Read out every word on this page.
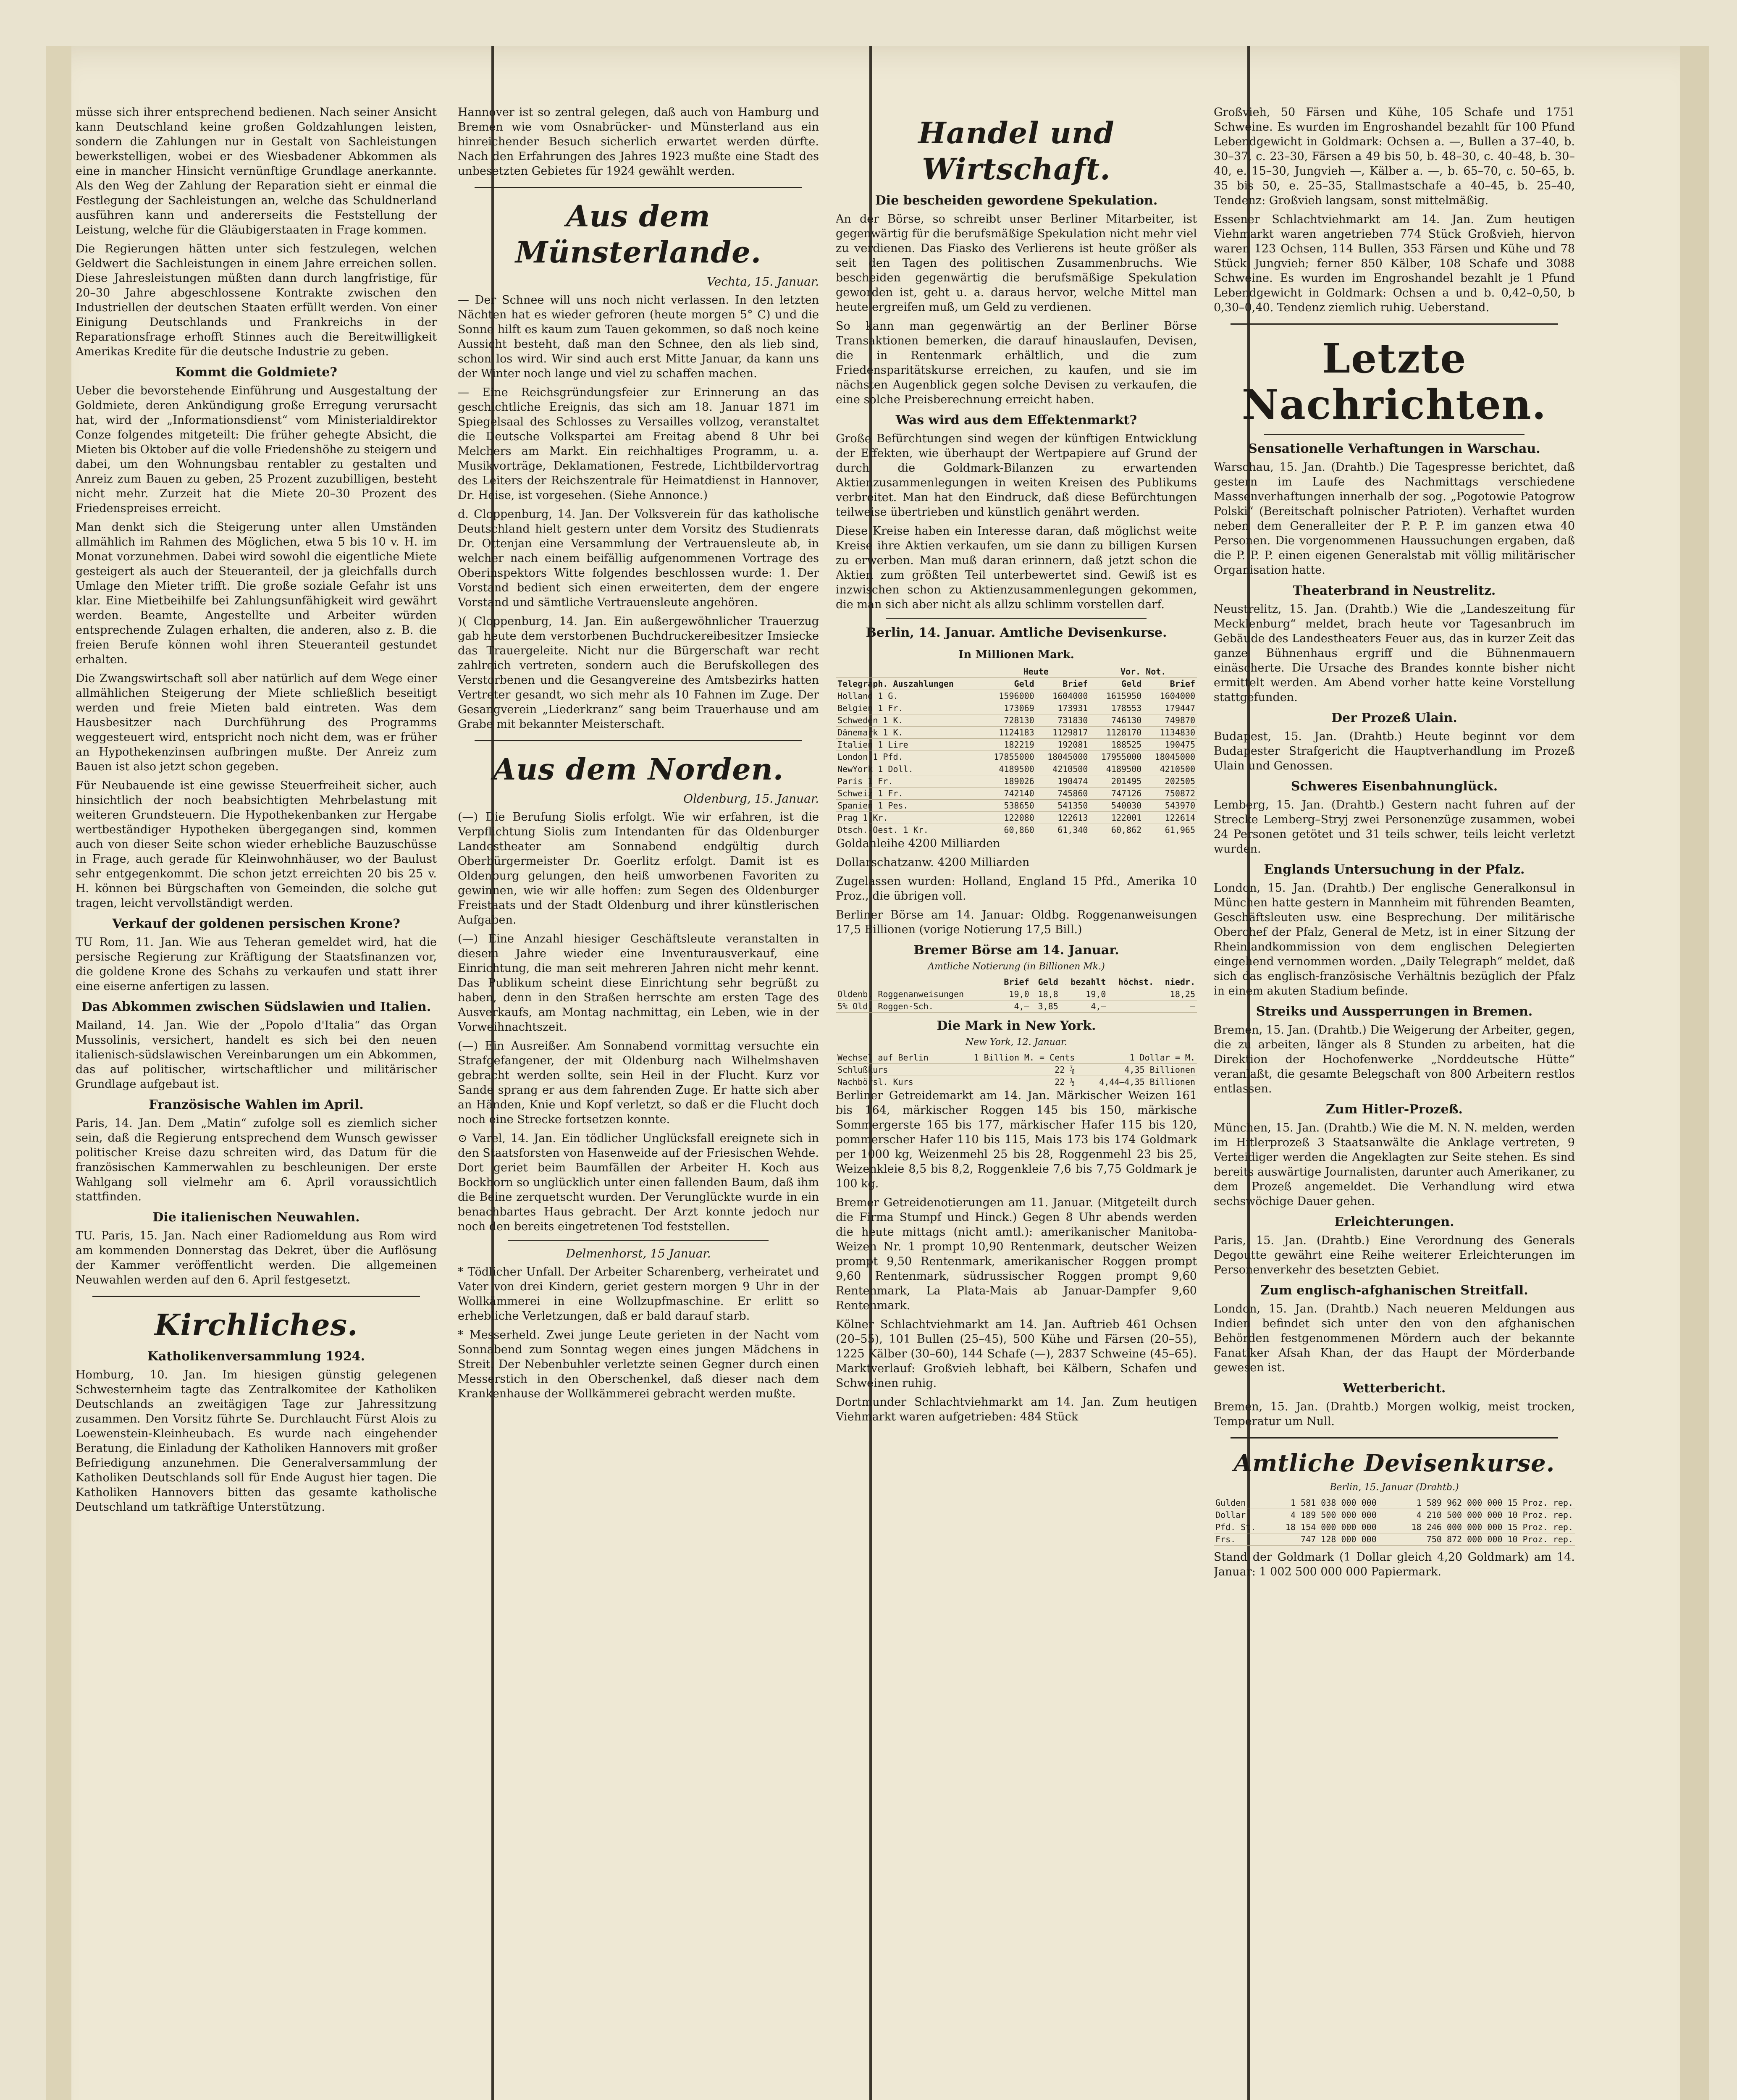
müsse sich ihrer entsprechend bedienen. Nach seiner Ansicht kann Deutschland keine großen Goldzahlungen leisten, sondern die Zahlungen nur in Gestalt von Sachleistungen bewerkstelligen, wobei er des Wiesbadener Abkommen als eine in mancher Hinsicht vernünftige Grundlage anerkannte. Als den Weg der Zahlung der Reparation sieht er einmal die Festlegung der Sachleistungen an, welche das Schuldnerland ausführen kann und andererseits die Feststellung der Leistung, welche für die Gläubigerstaaten in Frage kommen.

Die Regierungen hätten unter sich festzulegen, welchen Geldwert die Sachleistungen in einem Jahre erreichen sollen. Diese Jahresleistungen müßten dann durch langfristige, für 20–30 Jahre abgeschlossene Kontrakte zwischen den Industriellen der deutschen Staaten erfüllt werden. Von einer Einigung Deutschlands und Frankreichs in der Reparationsfrage erhofft Stinnes auch die Bereitwilligkeit Amerikas Kredite für die deutsche Industrie zu geben.

Kommt die Goldmiete?

Ueber die bevorstehende Einführung und Ausgestaltung der Goldmiete, deren Ankündigung große Erregung verursacht hat, wird der „Informationsdienst“ vom Ministerialdirektor Conze folgendes mitgeteilt: Die früher gehegte Absicht, die Mieten bis Oktober auf die volle Friedenshöhe zu steigern und dabei, um den Wohnungsbau rentabler zu gestalten und Anreiz zum Bauen zu geben, 25 Prozent zuzubilligen, besteht nicht mehr. Zurzeit hat die Miete 20–30 Prozent des Friedenspreises erreicht.

Man denkt sich die Steigerung unter allen Umständen allmählich im Rahmen des Möglichen, etwa 5 bis 10 v. H. im Monat vorzunehmen. Dabei wird sowohl die eigentliche Miete gesteigert als auch der Steueranteil, der ja gleichfalls durch Umlage den Mieter trifft. Die große soziale Gefahr ist uns klar. Eine Mietbeihilfe bei Zahlungsunfähigkeit wird gewährt werden. Beamte, Angestellte und Arbeiter würden entsprechende Zulagen erhalten, die anderen, also z. B. die freien Berufe können wohl ihren Steueranteil gestundet erhalten.

Die Zwangswirtschaft soll aber natürlich auf dem Wege einer allmählichen Steigerung der Miete schließlich beseitigt werden und freie Mieten bald eintreten. Was dem Hausbesitzer nach Durchführung des Programms weggesteuert wird, entspricht noch nicht dem, was er früher an Hypothekenzinsen aufbringen mußte. Der Anreiz zum Bauen ist also jetzt schon gegeben.

Für Neubauende ist eine gewisse Steuerfreiheit sicher, auch hinsichtlich der noch beabsichtigten Mehrbelastung mit weiteren Grundsteuern. Die Hypothekenbanken zur Hergabe wertbeständiger Hypotheken übergegangen sind, kommen auch von dieser Seite schon wieder erhebliche Bauzuschüsse in Frage, auch gerade für Kleinwohnhäuser, wo der Baulust sehr entgegenkommt. Die schon jetzt erreichten 20 bis 25 v. H. können bei Bürgschaften von Gemeinden, die solche gut tragen, leicht vervollständigt werden.

Verkauf der goldenen persischen Krone?

TU Rom, 11. Jan. Wie aus Teheran gemeldet wird, hat die persische Regierung zur Kräftigung der Staatsfinanzen vor, die goldene Krone des Schahs zu verkaufen und statt ihrer eine eiserne anfertigen zu lassen.

Das Abkommen zwischen Südslawien und Italien.

Mailand, 14. Jan. Wie der „Popolo d'Italia“ das Organ Mussolinis, versichert, handelt es sich bei den neuen italienisch-südslawischen Vereinbarungen um ein Abkommen, das auf politischer, wirtschaftlicher und militärischer Grundlage aufgebaut ist.

Französische Wahlen im April.

Paris, 14. Jan. Dem „Matin“ zufolge soll es ziemlich sicher sein, daß die Regierung entsprechend dem Wunsch gewisser politischer Kreise dazu schreiten wird, das Datum für die französischen Kammerwahlen zu beschleunigen. Der erste Wahlgang soll vielmehr am 6. April voraussichtlich stattfinden.

Die italienischen Neuwahlen.

TU. Paris, 15. Jan. Nach einer Radiomeldung aus Rom wird am kommenden Donnerstag das Dekret, über die Auflösung der Kammer veröffentlicht werden. Die allgemeinen Neuwahlen werden auf den 6. April festgesetzt.

Kirchliches.
Katholikenversammlung 1924.

Homburg, 10. Jan. Im hiesigen günstig gelegenen Schwesternheim tagte das Zentralkomitee der Katholiken Deutschlands an zweitägigen Tage zur Jahressitzung zusammen. Den Vorsitz führte Se. Durchlaucht Fürst Alois zu Loewenstein-Kleinheubach. Es wurde nach eingehender Beratung, die Einladung der Katholiken Hannovers mit großer Befriedigung anzunehmen. Die Generalversammlung der Katholiken Deutschlands soll für Ende August hier tagen. Die Katholiken Hannovers bitten das gesamte katholische Deutschland um tatkräftige Unterstützung.

Hannover ist so zentral gelegen, daß auch von Hamburg und Bremen wie vom Osnabrücker- und Münsterland aus ein hinreichender Besuch sicherlich erwartet werden dürfte. Nach den Erfahrungen des Jahres 1923 mußte eine Stadt des unbesetzten Gebietes für 1924 gewählt werden.

Aus dem Münsterlande.
Vechta, 15. Januar.

— Der Schnee will uns noch nicht verlassen. In den letzten Nächten hat es wieder gefroren (heute morgen 5° C) und die Sonne hilft es kaum zum Tauen gekommen, so daß noch keine Aussicht besteht, daß man den Schnee, den als lieb sind, schon los wird. Wir sind auch erst Mitte Januar, da kann uns der Winter noch lange und viel zu schaffen machen.

— Eine Reichsgründungsfeier zur Erinnerung an das geschichtliche Ereignis, das sich am 18. Januar 1871 im Spiegelsaal des Schlosses zu Versailles vollzog, veranstaltet die Deutsche Volkspartei am Freitag abend 8 Uhr bei Melchers am Markt. Ein reichhaltiges Programm, u. a. Musikvorträge, Deklamationen, Festrede, Lichtbildervortrag des Leiters der Reichszentrale für Heimatdienst in Hannover, Dr. Heise, ist vorgesehen. (Siehe Annonce.)

d. Cloppenburg, 14. Jan. Der Volksverein für das katholische Deutschland hielt gestern unter dem Vorsitz des Studienrats Dr. Ottenjan eine Versammlung der Vertrauensleute ab, in welcher nach einem beifällig aufgenommenen Vortrage des Oberinspektors Witte folgendes beschlossen wurde: 1. Der Vorstand bedient sich einen erweiterten, dem der engere Vorstand und sämtliche Vertrauensleute angehören.

)( Cloppenburg, 14. Jan. Ein außergewöhnlicher Trauerzug gab heute dem verstorbenen Buchdruckereibesitzer Imsiecke das Trauergeleite. Nicht nur die Bürgerschaft war recht zahlreich vertreten, sondern auch die Berufskollegen des Verstorbenen und die Gesangvereine des Amtsbezirks hatten Vertreter gesandt, wo sich mehr als 10 Fahnen im Zuge. Der Gesangverein „Liederkranz“ sang beim Trauerhause und am Grabe mit bekannter Meisterschaft.

Aus dem Norden.
Oldenburg, 15. Januar.

(—) Die Berufung Siolis erfolgt. Wie wir erfahren, ist die Verpflichtung Siolis zum Intendanten für das Oldenburger Landestheater am Sonnabend endgültig durch Oberbürgermeister Dr. Goerlitz erfolgt. Damit ist es Oldenburg gelungen, den heiß umworbenen Favoriten zu gewinnen, wie wir alle hoffen: zum Segen des Oldenburger Freistaats und der Stadt Oldenburg und ihrer künstlerischen Aufgaben.

(—) Eine Anzahl hiesiger Geschäftsleute veranstalten in diesem Jahre wieder eine Inventurausverkauf, eine Einrichtung, die man seit mehreren Jahren nicht mehr kennt. Das Publikum scheint diese Einrichtung sehr begrüßt zu haben, denn in den Straßen herrschte am ersten Tage des Ausverkaufs, am Montag nachmittag, ein Leben, wie in der Vorweihnachtszeit.

(—) Ein Ausreißer. Am Sonnabend vormittag versuchte ein Strafgefangener, der mit Oldenburg nach Wilhelmshaven gebracht werden sollte, sein Heil in der Flucht. Kurz vor Sande sprang er aus dem fahrenden Zuge. Er hatte sich aber an Händen, Knie und Kopf verletzt, so daß er die Flucht doch noch eine Strecke fortsetzen konnte.

⊙ Varel, 14. Jan. Ein tödlicher Unglücksfall ereignete sich in den Staatsforsten von Hasenweide auf der Friesischen Wehde. Dort geriet beim Baumfällen der Arbeiter H. Koch aus Bockhorn so unglücklich unter einen fallenden Baum, daß ihm die Beine zerquetscht wurden. Der Verunglückte wurde in ein benachbartes Haus gebracht. Der Arzt konnte jedoch nur noch den bereits eingetretenen Tod feststellen.

Delmenhorst, 15 Januar.

* Tödlicher Unfall. Der Arbeiter Scharenberg, verheiratet und Vater von drei Kindern, geriet gestern morgen 9 Uhr in der Wollkämmerei in eine Wollzupfmaschine. Er erlitt so erhebliche Verletzungen, daß er bald darauf starb.

* Messerheld. Zwei junge Leute gerieten in der Nacht vom Sonnabend zum Sonntag wegen eines jungen Mädchens in Streit. Der Nebenbuhler verletzte seinen Gegner durch einen Messerstich in den Oberschenkel, daß dieser nach dem Krankenhause der Wollkämmerei gebracht werden mußte.

Handel und Wirtschaft.
Die bescheiden gewordene Spekulation.

An der Börse, so schreibt unser Berliner Mitarbeiter, ist gegenwärtig für die berufsmäßige Spekulation nicht mehr viel zu verdienen. Das Fiasko des Verlierens ist heute größer als seit den Tagen des politischen Zusammenbruchs. Wie bescheiden gegenwärtig die berufsmäßige Spekulation geworden ist, geht u. a. daraus hervor, welche Mittel man heute ergreifen muß, um Geld zu verdienen.

So kann man gegenwärtig an der Berliner Börse Transaktionen bemerken, die darauf hinauslaufen, Devisen, die in Rentenmark erhältlich, und die zum Friedensparitätskurse erreichen, zu kaufen, und sie im nächsten Augenblick gegen solche Devisen zu verkaufen, die eine solche Preisberechnung erreicht haben.

Was wird aus dem Effektenmarkt?

Große Befürchtungen sind wegen der künftigen Entwicklung der Effekten, wie überhaupt der Wertpapiere auf Grund der durch die Goldmark-Bilanzen zu erwartenden Aktienzusammenlegungen in weiten Kreisen des Publikums verbreitet. Man hat den Eindruck, daß diese Befürchtungen teilweise übertrieben und künstlich genährt werden.

Diese Kreise haben ein Interesse daran, daß möglichst weite Kreise ihre Aktien verkaufen, um sie dann zu billigen Kursen zu erwerben. Man muß daran erinnern, daß jetzt schon die Aktien zum größten Teil unterbewertet sind. Gewiß ist es inzwischen schon zu Aktienzusammenlegungen gekommen, die man sich aber nicht als allzu schlimm vorstellen darf.

Berlin, 14. Januar. Amtliche Devisenkurse.
In Millionen Mark.
	Heute		Vor. Not.	
Telegraph. Auszahlungen	Geld	Brief	Geld	Brief
Holland 1 G.	1596000	1604000	1615950	1604000
Belgien 1 Fr.	173069	173931	178553	179447
Schweden 1 K.	728130	731830	746130	749870
Dänemark 1 K.	1124183	1129817	1128170	1134830
Italien 1 Lire	182219	192081	188525	190475
London 1 Pfd.	17855000	18045000	17955000	18045000
NewYork 1 Doll.	4189500	4210500	4189500	4210500
Paris 1 Fr.	189026	190474	201495	202505
Schweiz 1 Fr.	742140	745860	747126	750872
Spanien 1 Pes.	538650	541350	540030	543970
Prag 1 Kr.	122080	122613	122001	122614
Dtsch.-Oest. 1 Kr.	60,860	61,340	60,862	61,965

Goldanleihe 4200 Milliarden

Dollarschatzanw. 4200 Milliarden

Zugelassen wurden: Holland, England 15 Pfd., Amerika 10 Proz., die übrigen voll.

Berliner Börse am 14. Januar: Oldbg. Roggenanweisungen 17,5 Billionen (vorige Notierung 17,5 Bill.)

Bremer Börse am 14. Januar.
Amtliche Notierung (in Billionen Mk.)
	Brief	Geld	bezahlt	höchst.	niedr.
Oldenb. Roggenanweisungen	19,0	18,8	19,0		18,25
5% Old. Roggen-Sch.	4,—	3,85	4,—		—
Die Mark in New York.
New York, 12. Januar.
Wechsel auf Berlin	1 Billion M. = Cents	1 Dollar = M.
Schlußkurs	22 ⅞	4,35 Billionen
Nachbörsl. Kurs	22 ½	4,44–4,35 Billionen

Berliner Getreidemarkt am 14. Jan. Märkischer Weizen 161 bis 164, märkischer Roggen 145 bis 150, märkische Sommergerste 165 bis 177, märkischer Hafer 115 bis 120, pommerscher Hafer 110 bis 115, Mais 173 bis 174 Goldmark per 1000 kg, Weizenmehl 25 bis 28, Roggenmehl 23 bis 25, Weizenkleie 8,5 bis 8,2, Roggenkleie 7,6 bis 7,75 Goldmark je 100 kg.

Bremer Getreidenotierungen am 11. Januar. (Mitgeteilt durch die Firma Stumpf und Hinck.) Gegen 8 Uhr abends werden die heute mittags (nicht amtl.): amerikanischer Manitoba-Weizen Nr. 1 prompt 10,90 Rentenmark, deutscher Weizen prompt 9,50 Rentenmark, amerikanischer Roggen prompt 9,60 Rentenmark, südrussischer Roggen prompt 9,60 Rentenmark, La Plata-Mais ab Januar-Dampfer 9,60 Rentenmark.

Kölner Schlachtviehmarkt am 14. Jan. Auftrieb 461 Ochsen (20–55), 101 Bullen (25–45), 500 Kühe und Färsen (20–55), 1225 Kälber (30–60), 144 Schafe (—), 2837 Schweine (45–65). Marktverlauf: Großvieh lebhaft, bei Kälbern, Schafen und Schweinen ruhig.

Dortmunder Schlachtviehmarkt am 14. Jan. Zum heutigen Viehmarkt waren aufgetrieben: 484 Stück

Großvieh, 50 Färsen und Kühe, 105 Schafe und 1751 Schweine. Es wurden im Engroshandel bezahlt für 100 Pfund Lebendgewicht in Goldmark: Ochsen a. —, Bullen a 37–40, b. 30–37, c. 23–30, Färsen a 49 bis 50, b. 48–30, c. 40–48, b. 30–40, e. 15–30, Jungvieh —, Kälber a. —, b. 65–70, c. 50–65, b. 35 bis 50, e. 25–35, Stallmastschafe a 40–45, b. 25–40, Tendenz: Großvieh langsam, sonst mittelmäßig.

Essener Schlachtviehmarkt am 14. Jan. Zum heutigen Viehmarkt waren angetrieben 774 Stück Großvieh, hiervon waren 123 Ochsen, 114 Bullen, 353 Färsen und Kühe und 78 Stück Jungvieh; ferner 850 Kälber, 108 Schafe und 3088 Schweine. Es wurden im Engroshandel bezahlt je 1 Pfund Lebendgewicht in Goldmark: Ochsen a und b. 0,42–0,50, b 0,30–0,40. Tendenz ziemlich ruhig. Ueberstand.

Letzte Nachrichten.
Sensationelle Verhaftungen in Warschau.

Warschau, 15. Jan. (Drahtb.) Die Tagespresse berichtet, daß gestern im Laufe des Nachmittags verschiedene Massenverhaftungen innerhalb der sog. „Pogotowie Patogrow Polski“ (Bereitschaft polnischer Patrioten). Verhaftet wurden neben dem Generalleiter der P. P. P. im ganzen etwa 40 Personen. Die vorgenommenen Haussuchungen ergaben, daß die P. P. P. einen eigenen Generalstab mit völlig militärischer Organisation hatte.

Theaterbrand in Neustrelitz.

Neustrelitz, 15. Jan. (Drahtb.) Wie die „Landeszeitung für Mecklenburg“ meldet, brach heute vor Tagesanbruch im Gebäude des Landestheaters Feuer aus, das in kurzer Zeit das ganze Bühnenhaus ergriff und die Bühnenmauern einäscherte. Die Ursache des Brandes konnte bisher nicht ermittelt werden. Am Abend vorher hatte keine Vorstellung stattgefunden.

Der Prozeß Ulain.

Budapest, 15. Jan. (Drahtb.) Heute beginnt vor dem Budapester Strafgericht die Hauptverhandlung im Prozeß Ulain und Genossen.

Schweres Eisenbahnunglück.

Lemberg, 15. Jan. (Drahtb.) Gestern nacht fuhren auf der Strecke Lemberg–Stryj zwei Personenzüge zusammen, wobei 24 Personen getötet und 31 teils schwer, teils leicht verletzt wurden.

Englands Untersuchung in der Pfalz.

London, 15. Jan. (Drahtb.) Der englische Generalkonsul in München hatte gestern in Mannheim mit führenden Beamten, Geschäftsleuten usw. eine Besprechung. Der militärische Oberchef der Pfalz, General de Metz, ist in einer Sitzung der Rheinlandkommission von dem englischen Delegierten eingehend vernommen worden. „Daily Telegraph“ meldet, daß sich das englisch-französische Verhältnis bezüglich der Pfalz in einem akuten Stadium befinde.

Streiks und Aussperrungen in Bremen.

Bremen, 15. Jan. (Drahtb.) Die Weigerung der Arbeiter, gegen, die zu arbeiten, länger als 8 Stunden zu arbeiten, hat die Direktion der Hochofenwerke „Norddeutsche Hütte“ veranlaßt, die gesamte Belegschaft von 800 Arbeitern restlos entlassen.

Zum Hitler-Prozeß.

München, 15. Jan. (Drahtb.) Wie die M. N. N. melden, werden im Hitlerprozeß 3 Staatsanwälte die Anklage vertreten, 9 Verteidiger werden die Angeklagten zur Seite stehen. Es sind bereits auswärtige Journalisten, darunter auch Amerikaner, zu dem Prozeß angemeldet. Die Verhandlung wird etwa sechswöchige Dauer gehen.

Erleichterungen.

Paris, 15. Jan. (Drahtb.) Eine Verordnung des Generals Degoutte gewährt eine Reihe weiterer Erleichterungen im Personenverkehr des besetzten Gebiet.

Zum englisch-afghanischen Streitfall.

London, 15. Jan. (Drahtb.) Nach neueren Meldungen aus Indien befindet sich unter den von den afghanischen Behörden festgenommenen Mördern auch der bekannte Fanatiker Afsah Khan, der das Haupt der Mörderbande gewesen ist.

Wetterbericht.

Bremen, 15. Jan. (Drahtb.) Morgen wolkig, meist trocken, Temperatur um Null.

Amtliche Devisenkurse.
Berlin, 15. Januar (Drahtb.)
Gulden	1 581 038 000 000	1 589 962 000 000 15 Proz. rep.
Dollar	4 189 500 000 000	4 210 500 000 000 10 Proz. rep.
Pfd. St.	18 154 000 000 000	18 246 000 000 000 15 Proz. rep.
Frs.	747 128 000 000	750 872 000 000 10 Proz. rep.

Stand der Goldmark (1 Dollar gleich 4,20 Goldmark) am 14. Januar: 1 002 500 000 000 Papiermark.
